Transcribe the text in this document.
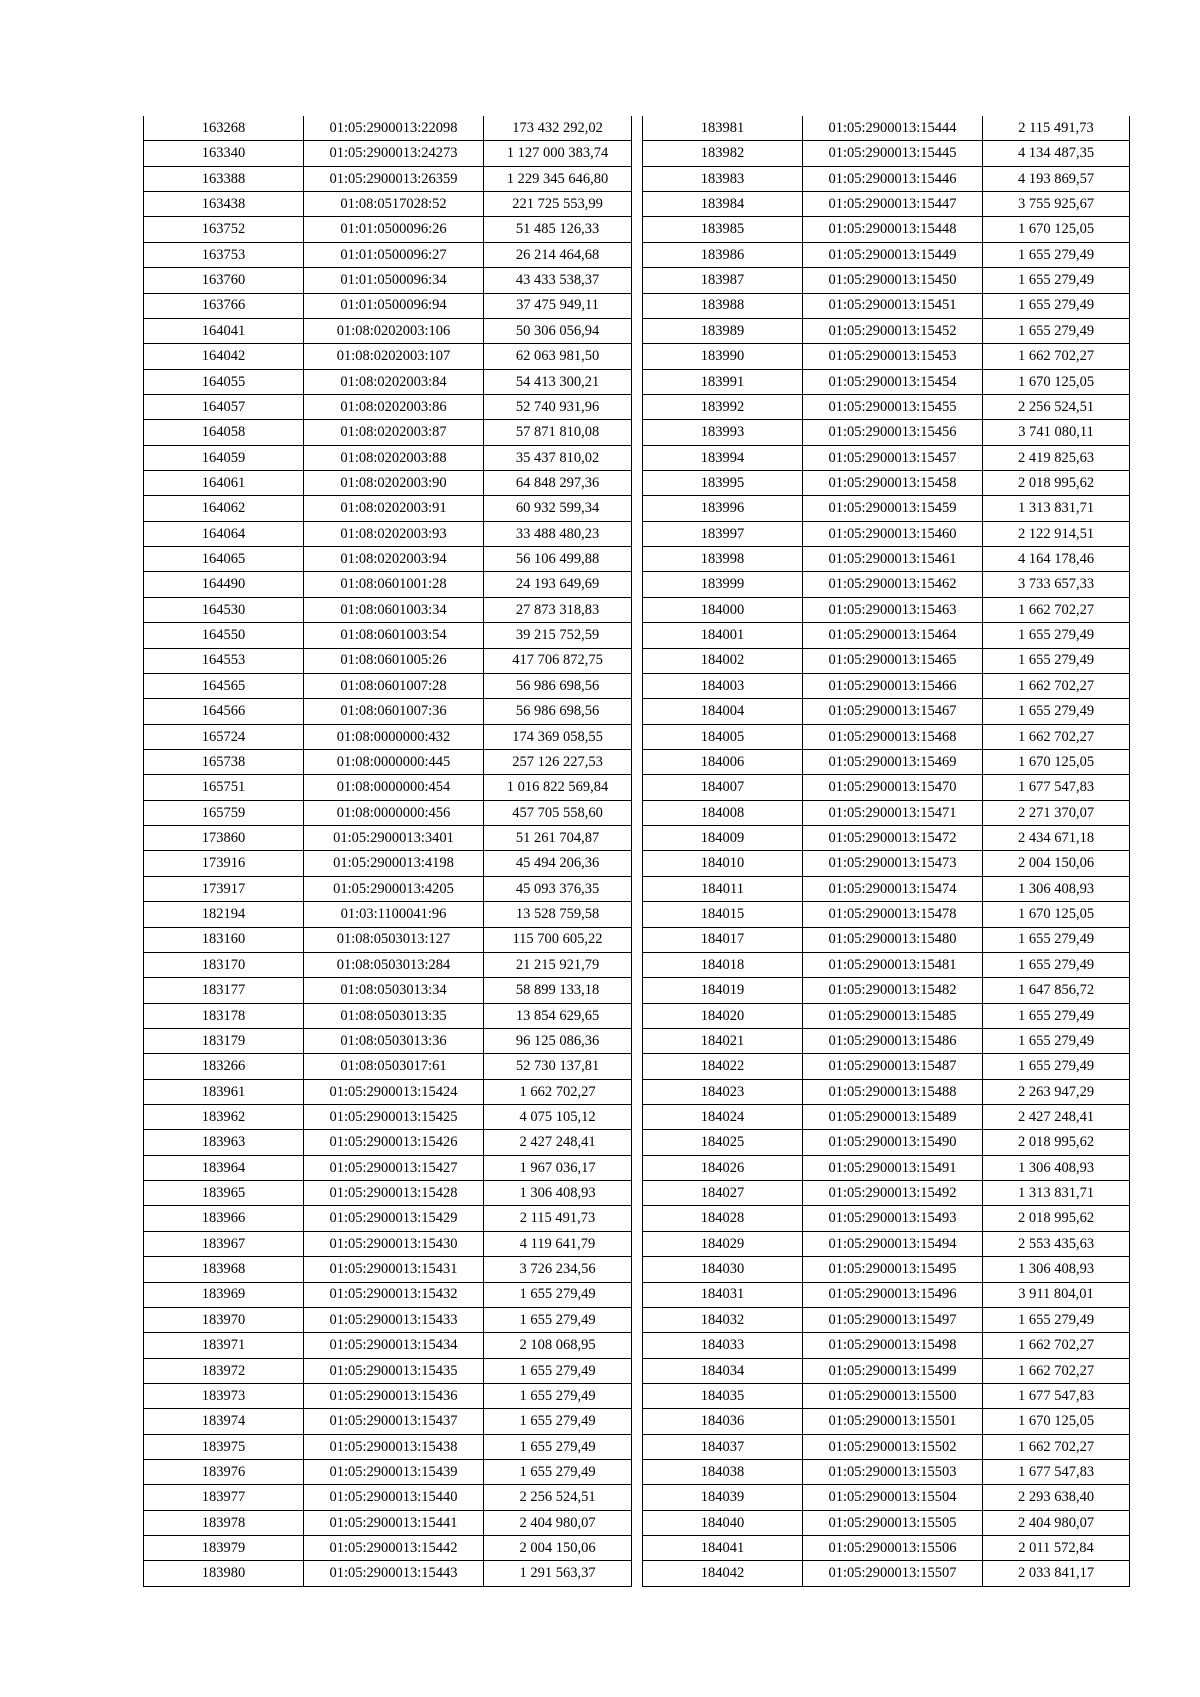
163268	01:05:2900013:22098	173 432 292,02
163340	01:05:2900013:24273	1 127 000 383,74
163388	01:05:2900013:26359	1 229 345 646,80
163438	01:08:0517028:52	221 725 553,99
163752	01:01:0500096:26	51 485 126,33
163753	01:01:0500096:27	26 214 464,68
163760	01:01:0500096:34	43 433 538,37
163766	01:01:0500096:94	37 475 949,11
164041	01:08:0202003:106	50 306 056,94
164042	01:08:0202003:107	62 063 981,50
164055	01:08:0202003:84	54 413 300,21
164057	01:08:0202003:86	52 740 931,96
164058	01:08:0202003:87	57 871 810,08
164059	01:08:0202003:88	35 437 810,02
164061	01:08:0202003:90	64 848 297,36
164062	01:08:0202003:91	60 932 599,34
164064	01:08:0202003:93	33 488 480,23
164065	01:08:0202003:94	56 106 499,88
164490	01:08:0601001:28	24 193 649,69
164530	01:08:0601003:34	27 873 318,83
164550	01:08:0601003:54	39 215 752,59
164553	01:08:0601005:26	417 706 872,75
164565	01:08:0601007:28	56 986 698,56
164566	01:08:0601007:36	56 986 698,56
165724	01:08:0000000:432	174 369 058,55
165738	01:08:0000000:445	257 126 227,53
165751	01:08:0000000:454	1 016 822 569,84
165759	01:08:0000000:456	457 705 558,60
173860	01:05:2900013:3401	51 261 704,87
173916	01:05:2900013:4198	45 494 206,36
173917	01:05:2900013:4205	45 093 376,35
182194	01:03:1100041:96	13 528 759,58
183160	01:08:0503013:127	115 700 605,22
183170	01:08:0503013:284	21 215 921,79
183177	01:08:0503013:34	58 899 133,18
183178	01:08:0503013:35	13 854 629,65
183179	01:08:0503013:36	96 125 086,36
183266	01:08:0503017:61	52 730 137,81
183961	01:05:2900013:15424	1 662 702,27
183962	01:05:2900013:15425	4 075 105,12
183963	01:05:2900013:15426	2 427 248,41
183964	01:05:2900013:15427	1 967 036,17
183965	01:05:2900013:15428	1 306 408,93
183966	01:05:2900013:15429	2 115 491,73
183967	01:05:2900013:15430	4 119 641,79
183968	01:05:2900013:15431	3 726 234,56
183969	01:05:2900013:15432	1 655 279,49
183970	01:05:2900013:15433	1 655 279,49
183971	01:05:2900013:15434	2 108 068,95
183972	01:05:2900013:15435	1 655 279,49
183973	01:05:2900013:15436	1 655 279,49
183974	01:05:2900013:15437	1 655 279,49
183975	01:05:2900013:15438	1 655 279,49
183976	01:05:2900013:15439	1 655 279,49
183977	01:05:2900013:15440	2 256 524,51
183978	01:05:2900013:15441	2 404 980,07
183979	01:05:2900013:15442	2 004 150,06
183980	01:05:2900013:15443	1 291 563,37
183981	01:05:2900013:15444	2 115 491,73
183982	01:05:2900013:15445	4 134 487,35
183983	01:05:2900013:15446	4 193 869,57
183984	01:05:2900013:15447	3 755 925,67
183985	01:05:2900013:15448	1 670 125,05
183986	01:05:2900013:15449	1 655 279,49
183987	01:05:2900013:15450	1 655 279,49
183988	01:05:2900013:15451	1 655 279,49
183989	01:05:2900013:15452	1 655 279,49
183990	01:05:2900013:15453	1 662 702,27
183991	01:05:2900013:15454	1 670 125,05
183992	01:05:2900013:15455	2 256 524,51
183993	01:05:2900013:15456	3 741 080,11
183994	01:05:2900013:15457	2 419 825,63
183995	01:05:2900013:15458	2 018 995,62
183996	01:05:2900013:15459	1 313 831,71
183997	01:05:2900013:15460	2 122 914,51
183998	01:05:2900013:15461	4 164 178,46
183999	01:05:2900013:15462	3 733 657,33
184000	01:05:2900013:15463	1 662 702,27
184001	01:05:2900013:15464	1 655 279,49
184002	01:05:2900013:15465	1 655 279,49
184003	01:05:2900013:15466	1 662 702,27
184004	01:05:2900013:15467	1 655 279,49
184005	01:05:2900013:15468	1 662 702,27
184006	01:05:2900013:15469	1 670 125,05
184007	01:05:2900013:15470	1 677 547,83
184008	01:05:2900013:15471	2 271 370,07
184009	01:05:2900013:15472	2 434 671,18
184010	01:05:2900013:15473	2 004 150,06
184011	01:05:2900013:15474	1 306 408,93
184015	01:05:2900013:15478	1 670 125,05
184017	01:05:2900013:15480	1 655 279,49
184018	01:05:2900013:15481	1 655 279,49
184019	01:05:2900013:15482	1 647 856,72
184020	01:05:2900013:15485	1 655 279,49
184021	01:05:2900013:15486	1 655 279,49
184022	01:05:2900013:15487	1 655 279,49
184023	01:05:2900013:15488	2 263 947,29
184024	01:05:2900013:15489	2 427 248,41
184025	01:05:2900013:15490	2 018 995,62
184026	01:05:2900013:15491	1 306 408,93
184027	01:05:2900013:15492	1 313 831,71
184028	01:05:2900013:15493	2 018 995,62
184029	01:05:2900013:15494	2 553 435,63
184030	01:05:2900013:15495	1 306 408,93
184031	01:05:2900013:15496	3 911 804,01
184032	01:05:2900013:15497	1 655 279,49
184033	01:05:2900013:15498	1 662 702,27
184034	01:05:2900013:15499	1 662 702,27
184035	01:05:2900013:15500	1 677 547,83
184036	01:05:2900013:15501	1 670 125,05
184037	01:05:2900013:15502	1 662 702,27
184038	01:05:2900013:15503	1 677 547,83
184039	01:05:2900013:15504	2 293 638,40
184040	01:05:2900013:15505	2 404 980,07
184041	01:05:2900013:15506	2 011 572,84
184042	01:05:2900013:15507	2 033 841,17
